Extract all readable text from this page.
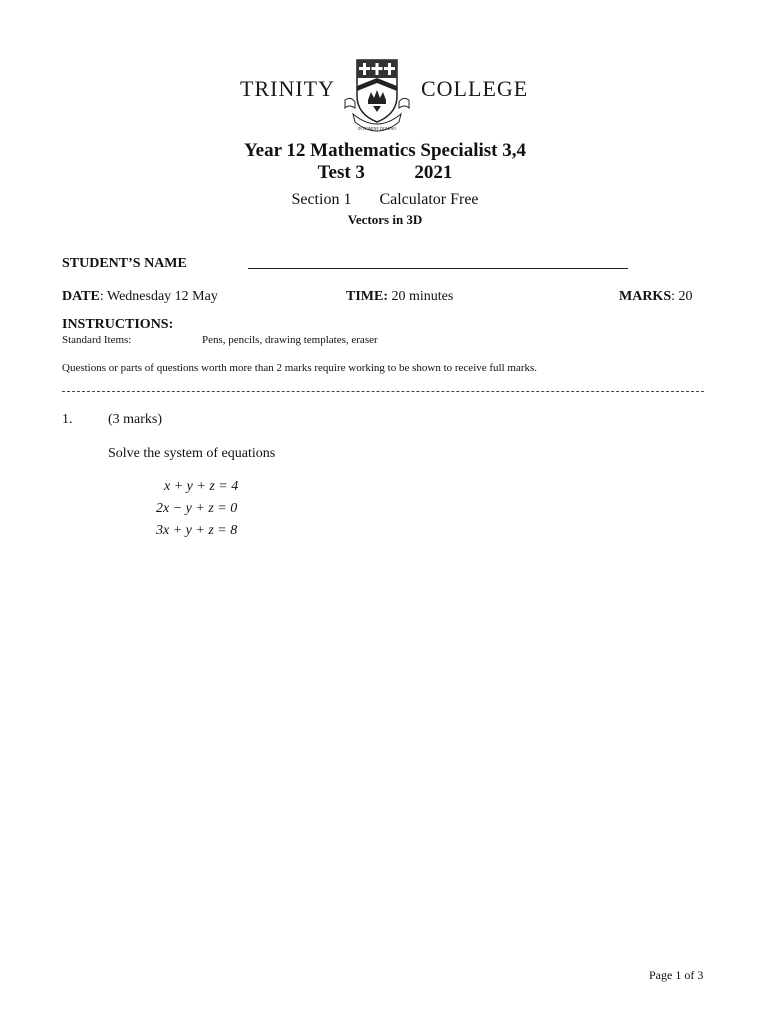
TRINITY
IN DOMINE DOMINO
COLLEGE
Year 12 Mathematics Specialist 3,4
Test 3	2021
Section 1 Calculator Free
Vectors in 3D
STUDENT’S NAME
DATE: Wednesday 12 May	TIME: 20 minutes	MARKS: 20
INSTRUCTIONS:
Standard Items:	Pens, pencils, drawing templates, eraser
Questions or parts of questions worth more than 2 marks require working to be shown to receive full marks.
1.	(3 marks)
Solve the system of equations
x + y + z = 4
2x − y + z = 0
3x + y + z = 8
Page 1 of 3
